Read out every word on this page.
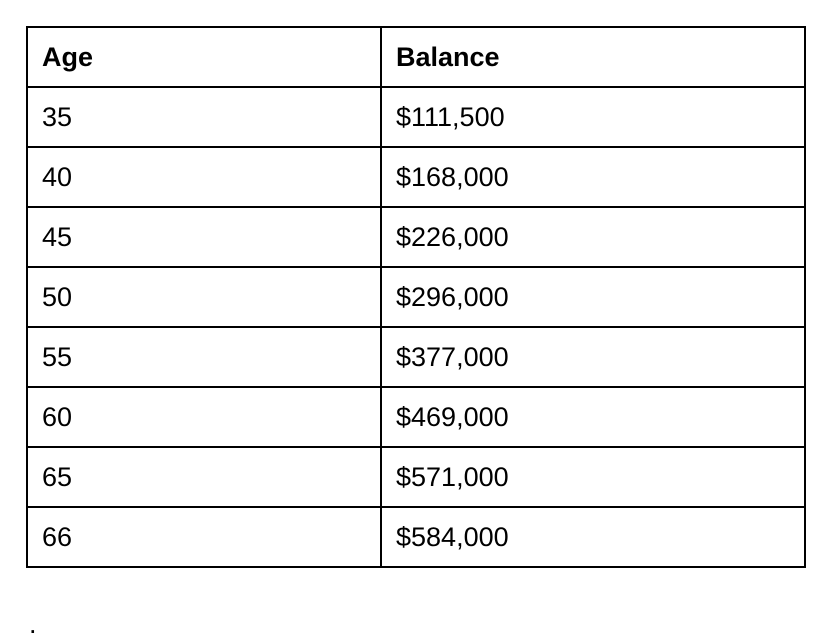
Age	Balance
35	$111,500
40	$168,000
45	$226,000
50	$296,000
55	$377,000
60	$469,000
65	$571,000
66	$584,000
.
